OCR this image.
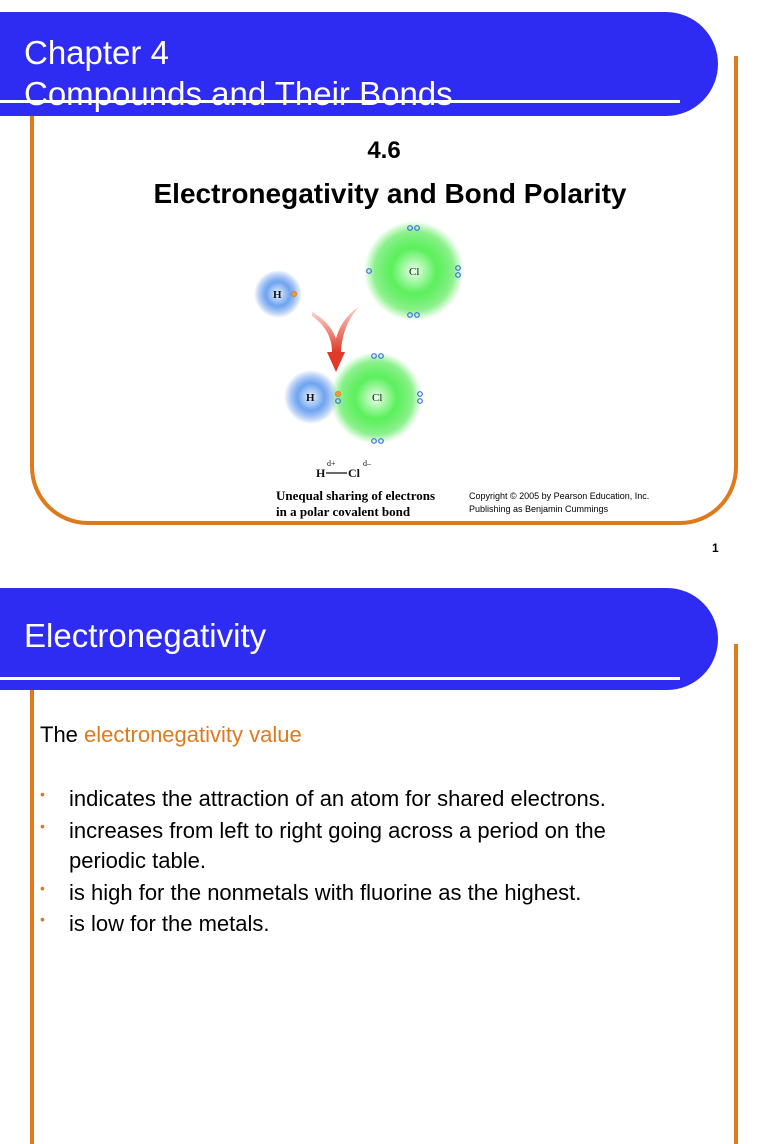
Chapter 4
Compounds and Their Bonds

4.6

Electronegativity and Bond Polarity

Cl
H
H	Cl
H
d+
Cl
d–
Unequal sharing of electrons
in a polar covalent bond
Copyright © 2005 by Pearson Education, Inc.
Publishing as Benjamin Cummings
1
Electronegativity

The electronegativity value

• indicates the attraction of an atom for shared electrons.
• increases from left to right going across a period on the periodic table.
• is high for the nonmetals with fluorine as the highest.
• is low for the metals.
